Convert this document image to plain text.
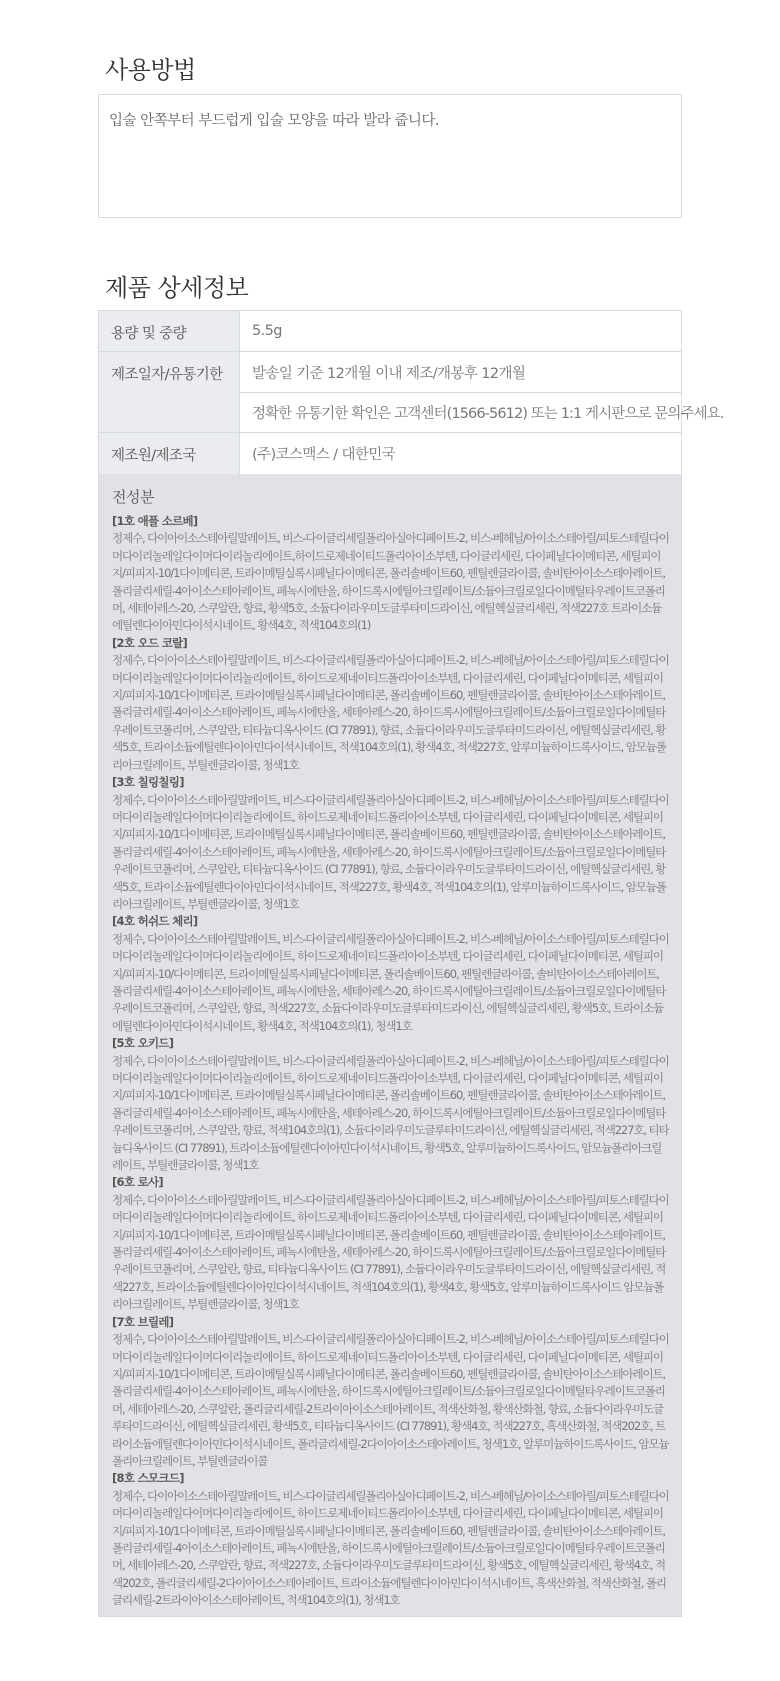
사용방법
입술 안쪽부터 부드럽게 입술 모양을 따라 발라 줍니다.
제품 상세정보
용량 및 중량	5.5g
제조일자/유통기한	발송일 기준 12개월 이내 제조/개봉후 12개월
	정확한 유통기한 확인은 고객센터(1566-5612) 또는 1:1 게시판으로 문의주세요.
제조원/제조국	(주)코스맥스 / 대한민국
전성분
[1호 애플 소르베]
정제수, 다이아이소스테아릴말레이트, 비스-다이글리세릴폴리아실아디페이트-2, 비스-베헤닐/아이소스테아릴/피토스테릴다이머다이리놀레일다이머다이리놀리에이트,하이드로제네이티드폴리아이소부텐, 다이글리세린, 다이페닐다이메티콘, 세틸피이지/피피지-10/1다이메티콘, 트라이메틸실록시페닐다이메티콘, 폴리솔베이트60, 펜틸렌글라이콜, 솔비탄아이소스테아레이트, 폴리글리세릴-4아이소스테아레이트, 페녹시에탄올, 하이드록시에틸아크릴레이트/소듐아크릴로일다이메틸타우레이트코폴리머, 세테아레스-20, 스쿠알란, 향료, 황색5호, 소듐다이라우미도글루타미드라이신, 에틸헥실글리세린, 적색227호 트라이소듐에틸렌다이아민다이석시네이트, 황색4호, 적색104호의(1)
[2호 오드 코랄]
정제수, 다이아이소스테아릴말레이트, 비스-다이글리세릴폴리아실아디페이트-2, 비스-베헤닐/아이소스테아릴/피토스테릴다이머다이리놀레일다이머다이리놀리에이트, 하이드로제네이티드폴리아이소부텐, 다이글리세린, 다이페닐다이메티콘, 세틸피이지/피피지-10/1다이메티콘, 트라이메틸실록시페닐다이메티콘, 폴리솔베이트60, 펜틸렌글라이콜, 솔비탄아이소스테아레이트, 폴리글리세릴-4아이소스테아레이트, 페녹시에탄올, 세테아레스-20, 하이드록시에틸아크릴레이트/소듐아크릴로일다이메틸타우레이트코폴리머, 스쿠알란, 티타늄디옥사이드 (CI 77891), 향료, 소듐다이라우미도글루타미드라이신, 에틸헥실글리세린, 황색5호, 트라이소듐에틸렌다이아민다이석시네이트, 적색104호의(1), 황색4호, 적색227호, 알루미늄하이드록사이드, 암모늄폴리아크릴레이트, 부틸렌글라이콜, 청색1호
[3호 칠링칠링]
정제수, 다이아이소스테아릴말레이트, 비스-다이글리세릴폴리아실아디페이트-2, 비스-베헤닐/아이소스테아릴/피토스테릴다이머다이리놀레일다이머다이리놀리에이트, 하이드로제네이티드폴리아이소부텐, 다이글리세린, 다이페닐다이메티콘, 세틸피이지/피피지-10/1다이메티콘, 트라이메틸실록시페닐다이메티콘, 폴리솔베이트60, 펜틸렌글라이콜, 솔비탄아이소스테아레이트, 폴리글리세릴-4아이소스테아레이트, 페녹시에탄올, 세테아레스-20, 하이드록시에틸아크릴레이트/소듐아크릴로일다이메틸타우레이트코폴리머, 스쿠알란, 티타늄디옥사이드 (CI 77891), 향료, 소듐다이라우미도글루타미드라이신, 에틸헥실글리세린, 황색5호, 트라이소듐에틸렌다이아민다이석시네이트, 적색227호, 황색4호, 적색104호의(1), 알루미늄하이드록사이드, 암모늄폴리아크릴레이트, 부틸렌글라이콜, 청색1호
[4호 허쉬드 체리]
정제수, 다이아이소스테아릴말레이트, 비스-다이글리세릴폴리아실아디페이트-2, 비스-베헤닐/아이소스테아릴/피토스테릴다이머다이리놀레일다이머다이리놀리에이트, 하이드로제네이티드폴리아이소부텐, 다이글리세린, 다이페닐다이메티콘, 세틸피이지/피피지-10/다이메티콘, 트라이메틸실록시페닐다이메티콘, 폴리솔베이트60, 펜틸렌글라이콜, 솔비탄아이소스테아레이트, 폴리글리세릴-4아이소스테아레이트, 페녹시에탄올, 세테아레스-20, 하이드록시에틸아크릴레이트/소듐아크릴로일다이메틸타우레이트코폴리머, 스쿠알란, 향료, 적색227호, 소듐다이라우미도글루타미드라이신, 에틸헥실글리세린, 황색5호, 트라이소듐에틸렌다이아민다이석시네이트, 황색4호, 적색104호의(1), 청색1호
[5호 오키드]
정제수, 다이아이소스테아릴말레이트, 비스-다이글리세릴폴리아실아디페이트-2, 비스-베헤닐/아이소스테아릴/피토스테릴다이머다이리놀레일다이머다이리놀리에이트, 하이드로제네이티드폴리아이소부텐, 다이글리세린, 다이페닐다이메티콘, 세틸피이지/피피지-10/1다이메티콘, 트라이메틸실록시페닐다이메티콘, 폴리솔베이트60, 펜틸렌글라이콜, 솔비탄아이소스테아레이트, 폴리글리세릴-4아이소스테아레이트, 페녹시에탄올, 세테아레스-20, 하이드록시에틸아크릴레이트/소듐아크릴로일다이메틸타우레이트코폴리머, 스쿠알란, 향료, 적색104호의(1), 소듐다이라우미도글루타미드라이신, 에틸헥실글리세린, 적색227호, 티타늄디옥사이드 (CI 77891), 트라이소듐에틸렌다이아민다이석시네이트, 황색5호, 알루미늄하이드록사이드, 암모늄폴리아크릴레이트, 부틸렌글라이콜, 청색1호
[6호 로사]
정제수, 다이아이소스테아릴말레이트, 비스-다이글리세릴폴리아실아디페이트-2, 비스-베헤닐/아이소스테아릴/피토스테릴다이머다이리놀레일다이머다이리놀리에이트, 하이드로제네이티드폴리아이소부텐, 다이글리세린, 다이페닐다이메티콘, 세틸피이지/피피지-10/1다이메티콘, 트라이메틸실록시페닐다이메티콘, 폴리솔베이트60, 펜틸렌글라이콜, 솔비탄아이소스테아레이트, 폴리글리세릴-4아이소스테아레이트, 페녹시에탄올, 세테아레스-20, 하이드록시에틸아크릴레이트/소듐아크릴로일다이메틸타우레이트코폴리머, 스쿠알란, 향료, 티타늄디옥사이드 (CI 77891), 소듐다이라우미도글루타미드라이신, 에틸헥실글리세린, 적색227호, 트라이소듐에틸렌다이아민다이석시네이트, 적색104호의(1), 황색4호, 황색5호, 알루미늄하이드록사이드 암모늄폴리아크릴레이트, 부틸렌글라이콜, 청색1호
[7호 브릴레]
정제수, 다이아이소스테아릴말레이트, 비스-다이글리세릴폴리아실아디페이트-2, 비스-베헤닐/아이소스테아릴/피토스테릴다이머다이리놀레일다이머다이리놀리에이트, 하이드로제네이티드폴리아이소부텐, 다이글리세린, 다이페닐다이메티콘, 세틸피이지/피피지-10/1다이메티콘, 트라이메틸실록시페닐다이메티콘, 폴리솔베이트60, 펜틸렌글라이콜, 솔비탄아이소스테아레이트, 폴리글리세릴-4아이소스테아레이트, 페녹시에탄올, 하이드록시에틸아크릴레이트/소듐아크릴로일다이메틸타우레이트코폴리머, 세테아레스-20, 스쿠알란, 폴리글리세릴-2트라이아이소스테아레이트, 적색산화철, 황색산화철, 향료, 소듐다이라우미도글루타미드라이신, 에틸헥실글리세린, 황색5호, 티타늄디옥사이드 (CI 77891), 황색4호, 적색227호, 흑색산화철, 적색202호, 트라이소듐에틸렌다이아민다이석시네이트, 폴리글리세릴-2다이아이소스테아레이트, 청색1호, 알루미늄하이드록사이드, 암모늄폴리아크릴레이트, 부틸렌글라이콜
[8호 스모크드]
정제수, 다이아이소스테아릴말레이트, 비스-다이글리세릴폴리아실아디페이트-2, 비스-베헤닐/아이소스테아릴/피토스테릴다이머다이리놀레일다이머다이리놀리에이트, 하이드로제네이티드폴리아이소부텐, 다이글리세린, 다이페닐다이메티콘, 세틸피이지/피피지-10/1다이메티콘, 트라이메틸실록시페닐다이메티콘, 폴리솔베이트60, 펜틸렌글라이콜, 솔비탄아이소스테아레이트, 폴리글리세릴-4아이소스테아레이트, 페녹시에탄올, 하이드록시에틸아크릴레이트/소듐아크릴로일다이메틸타우레이트코폴리머, 세테아레스-20, 스쿠알란, 향료, 적색227호, 소듐다이라우미도글루타미드라이신, 황색5호, 에틸헥실글리세린, 황색4호, 적색202호, 폴리글리세릴-2다이아이소스테아레이트, 트라이소듐에틸렌다이아민다이석시네이트, 흑색산화철, 적색산화철, 폴리글리세릴-2트라이아이소스테아레이트, 적색104호의(1), 청색1호
